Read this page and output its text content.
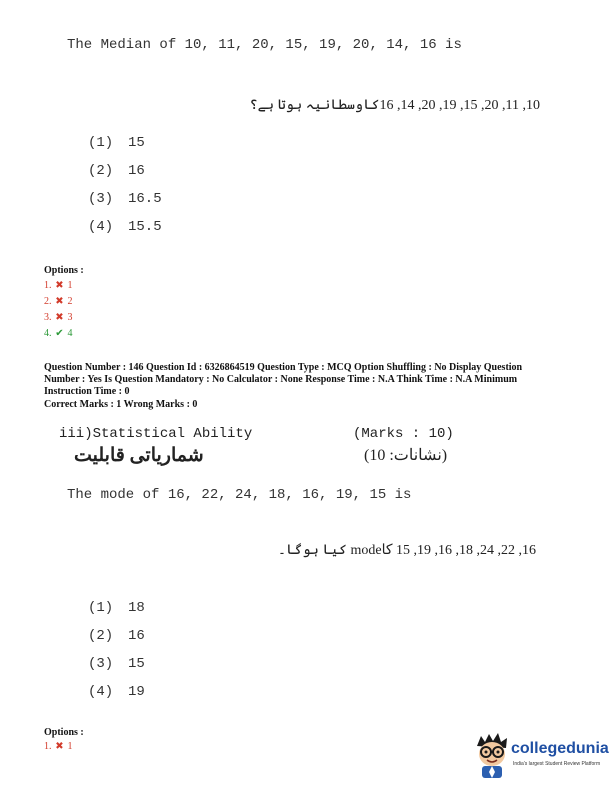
The Median of 10, 11, 20, 15, 19, 20, 14, 16 is
10, 11, 20, 15, 19, 20, 14, 16کاوسطانیہ ہوتا ہے؟
(1) 15
(2) 16
(3) 16.5
(4) 15.5
Options :
1. ✖ 1
2. ✖ 2
3. ✖ 3
4. ✔ 4
Question Number : 146 Question Id : 6326864519 Question Type : MCQ Option Shuffling : No Display Question Number : Yes Is Question Mandatory : No Calculator : None Response Time : N.A Think Time : N.A Minimum Instruction Time : 0
Correct Marks : 1 Wrong Marks : 0
iii)Statistical Ability	(Marks : 10)
شماریاتی قابلیت	(نشانات: 10)
The mode of 16, 22, 24, 18, 16, 19, 15 is
16, 22, 24, 18, 16, 19, 15 کاmode کیا ہوگا۔
(1) 18
(2) 16
(3) 15
(4) 19
Options :
1. ✖ 1	collegedunia
India's largest Student Review Platform
